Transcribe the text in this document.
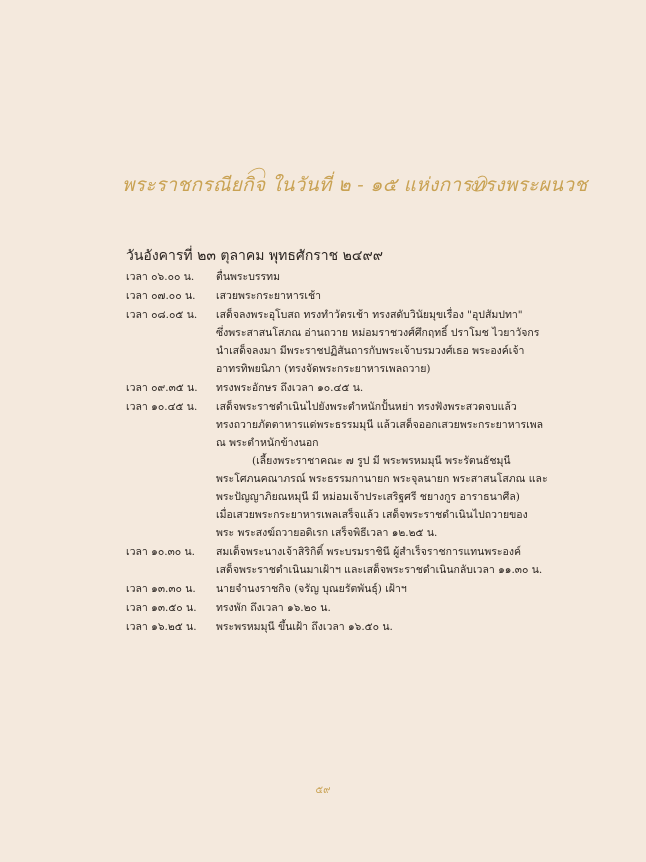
พระราชกรณียกิจ ในวันที่ ๒ - ๑๕ แห่งการทรงพระผนวช
วันอังคารที่ ๒๓ ตุลาคม พุทธศักราช ๒๔๙๙
เวลา ๐๖.๐๐ น.	ตื่นพระบรรทม
เวลา ๐๗.๐๐ น.	เสวยพระกระยาหารเช้า
เวลา ๐๘.๐๕ น.	เสด็จลงพระอุโบสถ ทรงทำวัตรเช้า ทรงสดับวินัยมุขเรื่อง "อุปสัมปทา"
ซึ่งพระสาสนโสภณ อ่านถวาย หม่อมราชวงศ์ศึกฤทธิ์ ปราโมช ไวยาวัจกร
นำเสด็จลงมา มีพระราชปฏิสันถารกับพระเจ้าบรมวงศ์เธอ พระองค์เจ้า
อาทรทิพยนิภา (ทรงจัดพระกระยาหารเพลถวาย)
เวลา ๐๙.๓๕ น.	ทรงพระอักษร ถึงเวลา ๑๐.๔๕ น.
เวลา ๑๐.๔๕ น.	เสด็จพระราชดำเนินไปยังพระตำหนักปั้นหย่า ทรงฟังพระสวดจบแล้ว
ทรงถวายภัตตาหารแด่พระธรรมมุนี แล้วเสด็จออกเสวยพระกระยาหารเพล
ณ พระตำหนักข้างนอก
(เลี้ยงพระราชาคณะ ๗ รูป มี พระพรหมมุนี พระรัตนธัชมุนี
พระโศภนคณาภรณ์ พระธรรมกานายก พระจุลนายก พระสาสนโสภณ และ
พระปัญญาภิยณหมุนี มี หม่อมเจ้าประเสริฐศรี ชยางกูร อาราธนาศีล)
เมื่อเสวยพระกระยาหารเพลเสร็จแล้ว เสด็จพระราชดำเนินไปถวายของ
พระ พระสงฆ์ถวายอดิเรก เสร็จพิธีเวลา ๑๒.๒๕ น.
เวลา ๑๐.๓๐ น.	สมเด็จพระนางเจ้าสิริกิติ์ พระบรมราชินี ผู้สำเร็จราชการแทนพระองค์
เสด็จพระราชดำเนินมาเฝ้าฯ และเสด็จพระราชดำเนินกลับเวลา ๑๑.๓๐ น.
เวลา ๑๓.๓๐ น.	นายจำนงราชกิจ (จรัญ บุณยรัตพันธุ์) เฝ้าฯ
เวลา ๑๓.๕๐ น.	ทรงพัก ถึงเวลา ๑๖.๒๐ น.
เวลา ๑๖.๒๕ น.	พระพรหมมุนี ขึ้นเฝ้า ถึงเวลา ๑๖.๕๐ น.
๕๙
